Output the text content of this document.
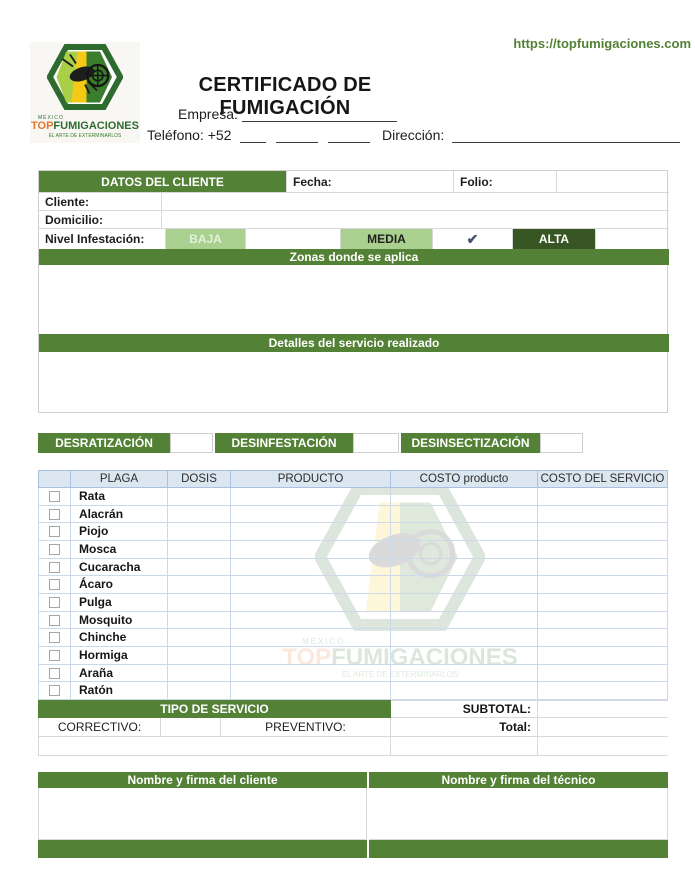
MÉXICO
TOPFUMIGACIONES
EL ARTE DE EXTERMINARLOS
https://topfumigaciones.com
MÉXICO
TOPFUMIGACIONES
EL ARTE DE EXTERMINARLOS
CERTIFICADO DE FUMIGACIÓN
Empresa:
Teléfono: +52	Dirección:
DATOS DEL CLIENTE	Fecha:	Folio:
Cliente:
Domicilio:
Nivel Infestación:	BAJA	MEDIA	✔	ALTA
Zonas donde se aplica
Detalles del servicio realizado
DESRATIZACIÓN	DESINFESTACIÓN	DESINSECTIZACIÓN
PLAGA	DOSIS	PRODUCTO	COSTO producto	COSTO DEL SERVICIO
Rata
Alacrán
Piojo
Mosca
Cucaracha
Ácaro
Pulga
Mosquito
Chinche
Hormiga
Araña
Ratón
TIPO DE SERVICIO	SUBTOTAL:
CORRECTIVO:	PREVENTIVO:	Total:
Nombre y firma del cliente	Nombre y firma del técnico
